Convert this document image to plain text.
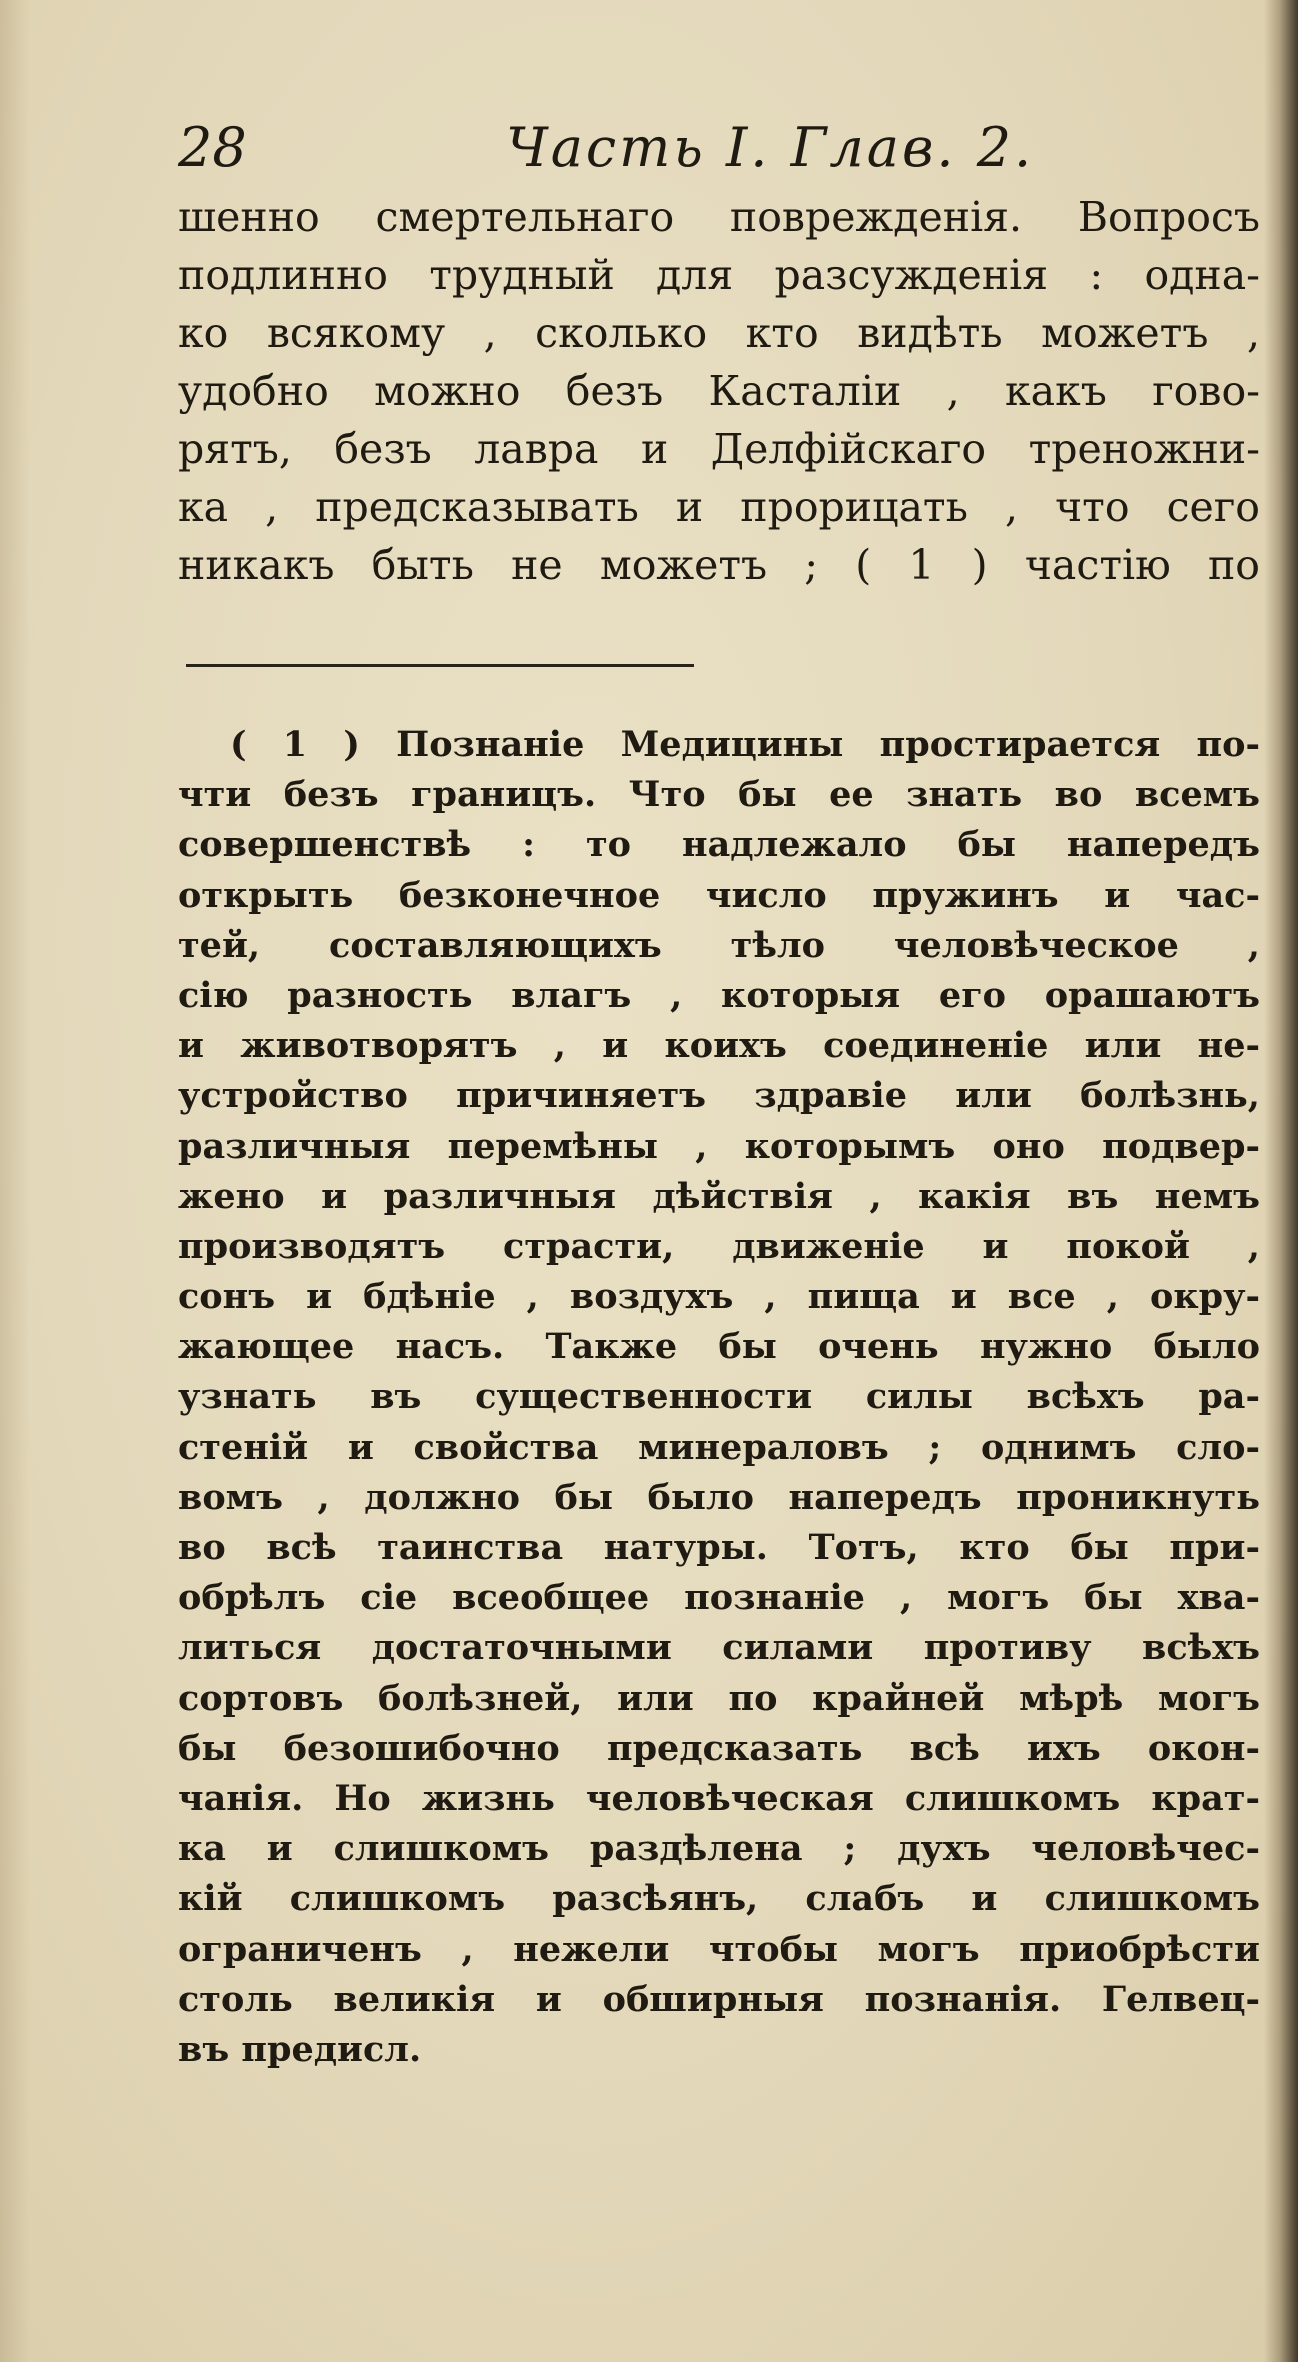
28	Часть I. Глав. 2.
шенно смертельнаго поврежденія. Вопросъ
подлинно трудный для разсужденія : одна-
ко всякому , сколько кто видѣть можетъ ,
удобно можно безъ Касталіи , какъ гово-
рятъ, безъ лавра и Делфійскаго треножни-
ка , предсказывать и прорицать , что сего
никакъ быть не можетъ ; ( 1 ) частію по
( 1 ) Познаніе Медицины простирается по-
чти безъ границъ. Что бы ее знать во всемъ
совершенствѣ : то надлежало бы напередъ
открыть безконечное число пружинъ и час-
тей, составляющихъ тѣло человѣческое ,
сію разность влагъ , которыя его орашаютъ
и животворятъ , и коихъ соединеніе или не-
устройство причиняетъ здравіе или болѣзнь,
различныя перемѣны , которымъ оно подвер-
жено и различныя дѣйствія , какія въ немъ
производятъ страсти, движеніе и покой ,
сонъ и бдѣніе , воздухъ , пища и все , окру-
жающее насъ. Также бы очень нужно было
узнать въ существенности силы всѣхъ ра-
стеній и свойства минераловъ ; однимъ сло-
вомъ , должно бы было напередъ проникнуть
во всѣ таинства натуры. Тотъ, кто бы при-
обрѣлъ сіе всеобщее познаніе , могъ бы хва-
литься достаточными силами противу всѣхъ
сортовъ болѣзней, или по крайней мѣрѣ могъ
бы безошибочно предсказать всѣ ихъ окон-
чанія. Но жизнь человѣческая слишкомъ крат-
ка и слишкомъ раздѣлена ; духъ человѣчес-
кій слишкомъ разсѣянъ, слабъ и слишкомъ
ограниченъ , нежели чтобы могъ приобрѣсти
столь великія и обширныя познанія. Гелвец-
въ предисл.
